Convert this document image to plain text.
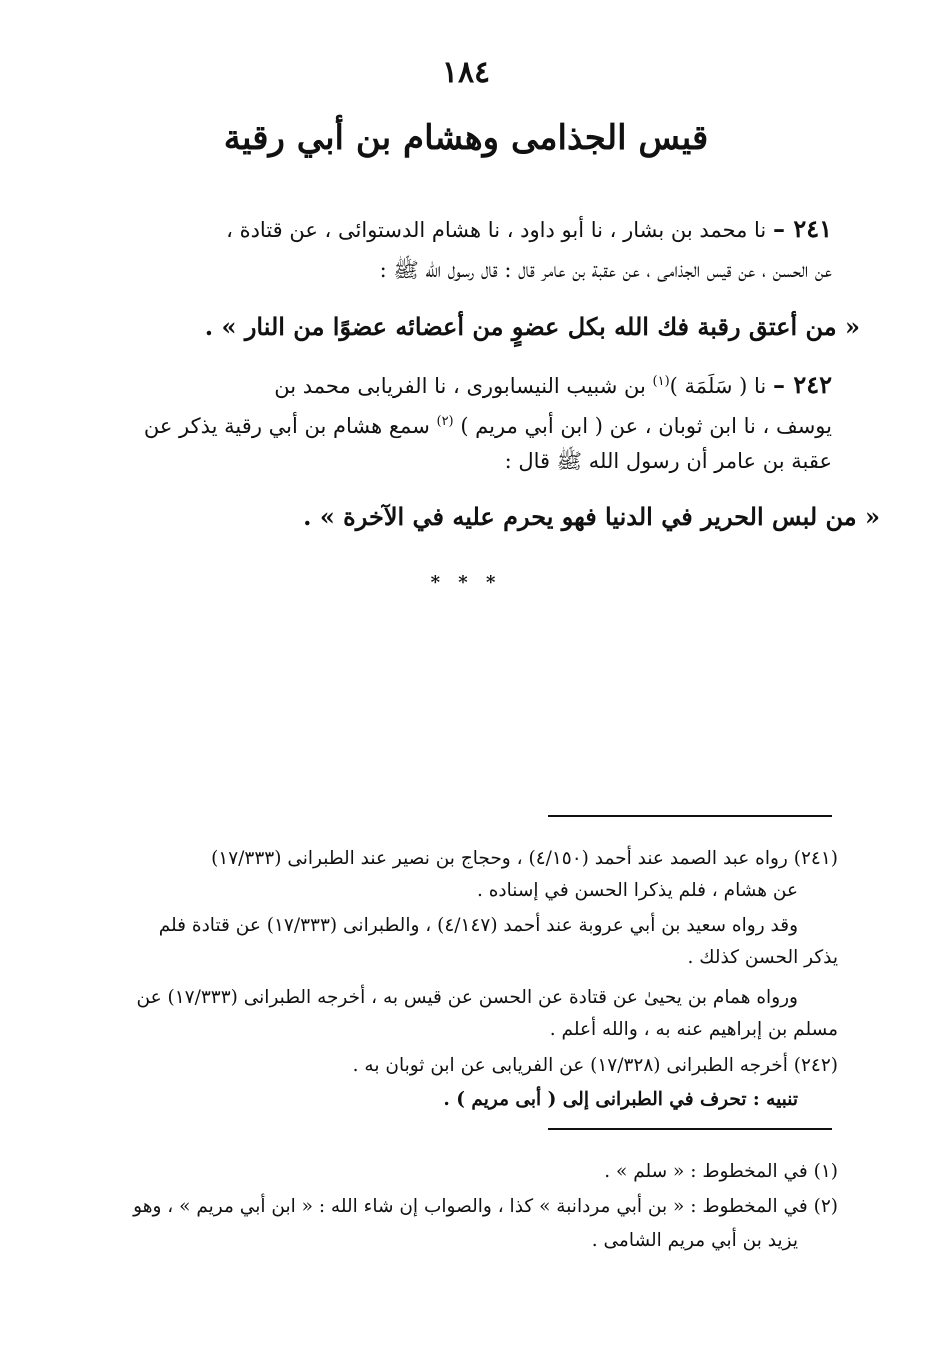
١٨٤
قيس الجذامى وهشام بن أبي رقية
٢٤١ – نا محمد بن بشار ، نا أبو داود ، نا هشام الدستوائى ، عن قتادة ،
عن الحسن ، عن قيس الجذامى ، عن عقبة بن عامر قال : قال رسول الله ﷺ :
« من أعتق رقبة فك الله بكل عضوٍ من أعضائه عضوًا من النار » .
٢٤٢ – نا ( سَلَمَة )$^{(١)}$ بن شبيب النيسابورى ، نا الفريابى محمد بن
يوسف ، نا ابن ثوبان ، عن ( ابن أبي مريم ) $^{(٢)}$ سمع هشام بن أبي رقية يذكر عن
عقبة بن عامر أن رسول الله ﷺ قال :
« من لبس الحرير في الدنيا فهو يحرم عليه في الآخرة » .
* * *
(٢٤١) رواه عبد الصمد عند أحمد (٤/١٥٠) ، وحجاج بن نصير عند الطبرانى (١٧/٣٣٣)
عن هشام ، فلم يذكرا الحسن في إسناده .
وقد رواه سعيد بن أبي عروبة عند أحمد (٤/١٤٧) ، والطبرانى (١٧/٣٣٣) عن قتادة فلم
يذكر الحسن كذلك .
ورواه همام بن يحيىٰ عن قتادة عن الحسن عن قيس به ، أخرجه الطبرانى (١٧/٣٣٣) عن
مسلم بن إبراهيم عنه به ، والله أعلم .
(٢٤٢) أخرجه الطبرانى (١٧/٣٢٨) عن الفريابى عن ابن ثوبان به .
تنبيه : تحرف في الطبرانى إلى ( أبى مريم ) .
(١) في المخطوط : « سلم » .
(٢) في المخطوط : « بن أبي مردانبة » كذا ، والصواب إن شاء الله : « ابن أبي مريم » ، وهو
يزيد بن أبي مريم الشامى .
